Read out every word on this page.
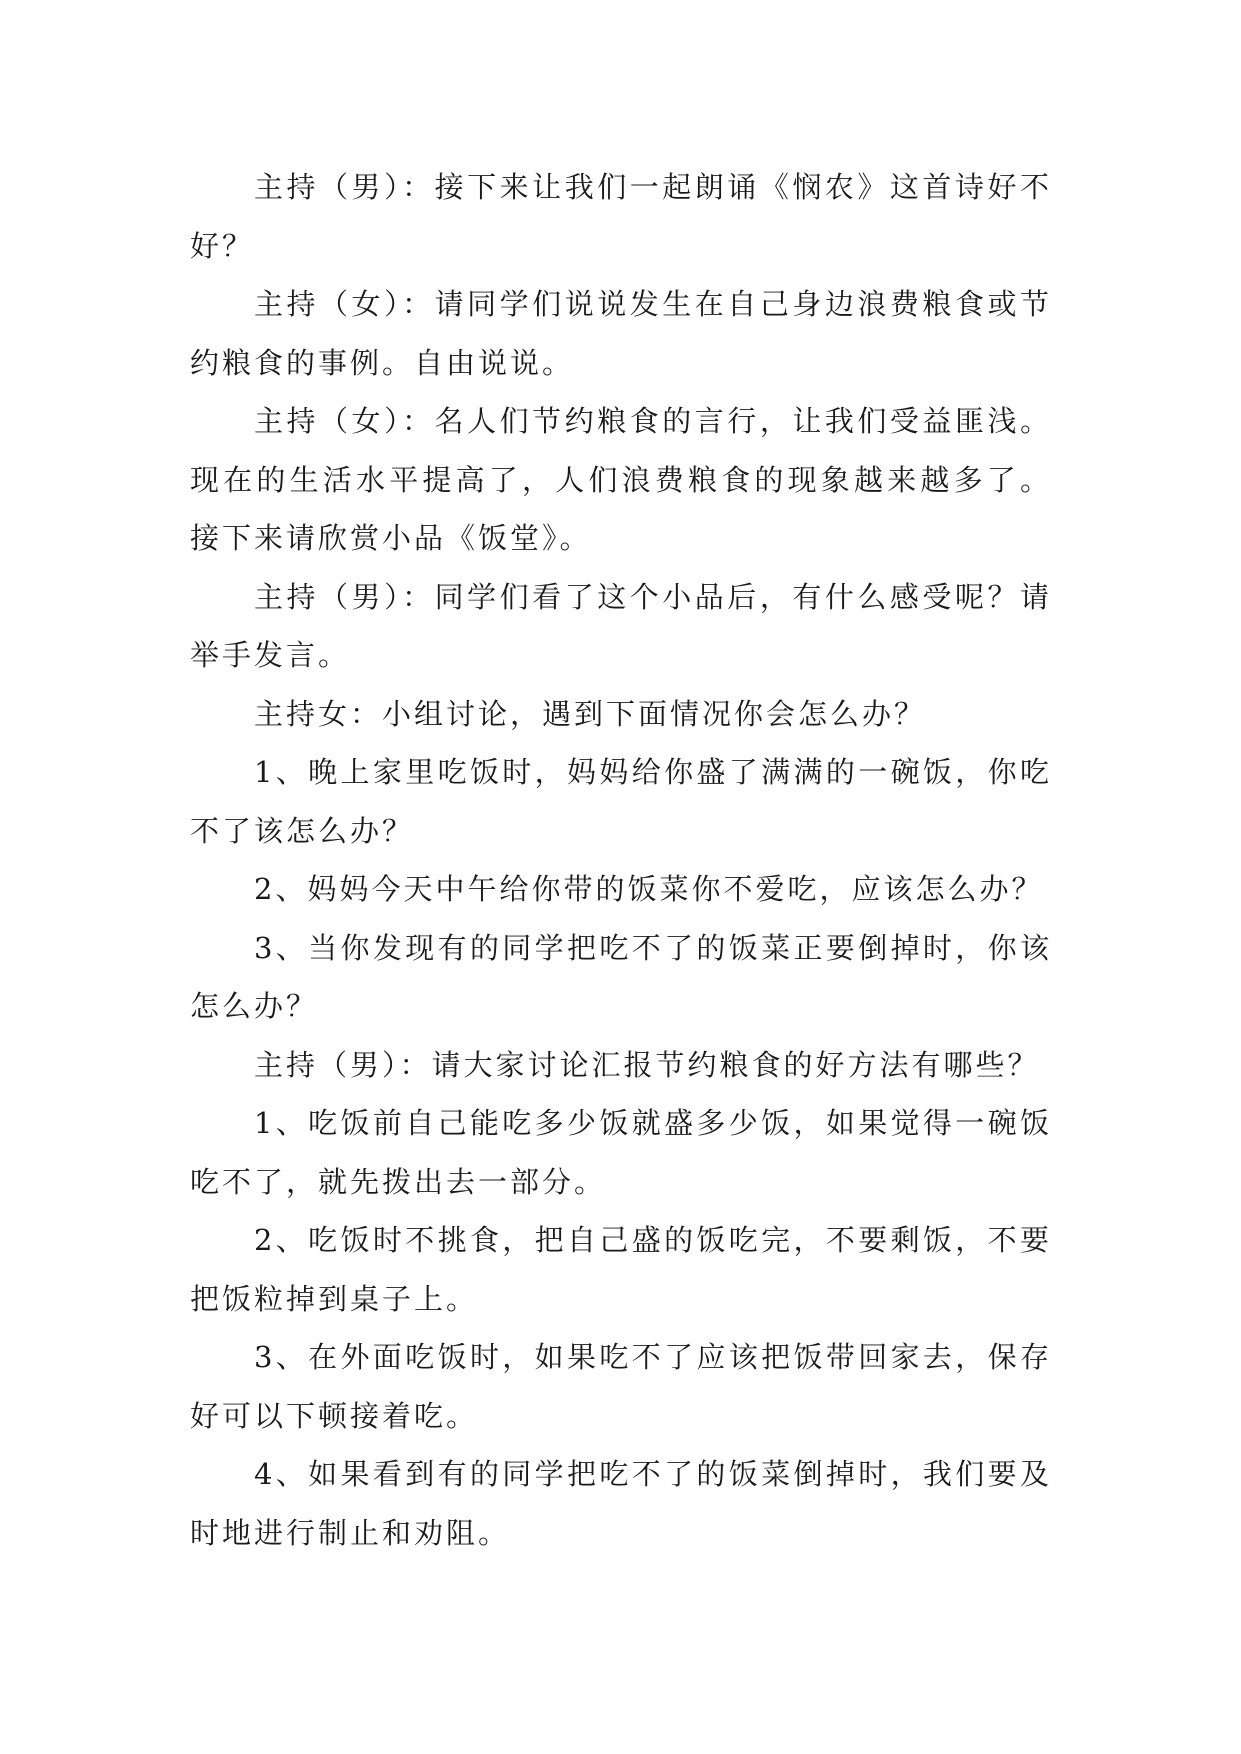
主持（男）：接下来让我们一起朗诵《悯农》这首诗好不好？

主持（女）：请同学们说说发生在自己身边浪费粮食或节约粮食的事例。自由说说。

主持（女）：名人们节约粮食的言行，让我们受益匪浅。现在的生活水平提高了，人们浪费粮食的现象越来越多了。接下来请欣赏小品《饭堂》。

主持（男）：同学们看了这个小品后，有什么感受呢？请举手发言。

主持女：小组讨论，遇到下面情况你会怎么办？

1、晚上家里吃饭时，妈妈给你盛了满满的一碗饭，你吃不了该怎么办？

2、妈妈今天中午给你带的饭菜你不爱吃，应该怎么办？

3、当你发现有的同学把吃不了的饭菜正要倒掉时，你该怎么办？

主持（男）：请大家讨论汇报节约粮食的好方法有哪些？

1、吃饭前自己能吃多少饭就盛多少饭，如果觉得一碗饭吃不了，就先拨出去一部分。

2、吃饭时不挑食，把自己盛的饭吃完，不要剩饭，不要把饭粒掉到桌子上。

3、在外面吃饭时，如果吃不了应该把饭带回家去，保存好可以下顿接着吃。

4、如果看到有的同学把吃不了的饭菜倒掉时，我们要及时地进行制止和劝阻。
